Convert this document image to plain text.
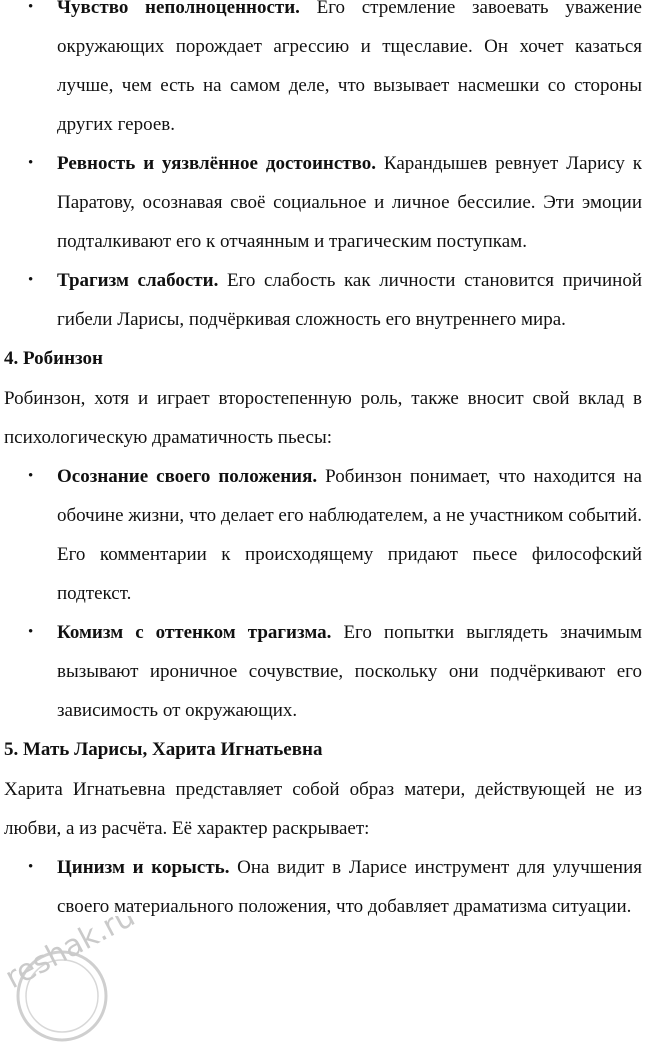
• Чувство неполноценности. Его стремление завоевать уважение окружающих порождает агрессию и тщеславие. Он хочет казаться лучше, чем есть на самом деле, что вызывает насмешки со стороны других героев.
• Ревность и уязвлённое достоинство. Карандышев ревнует Ларису к Паратову, осознавая своё социальное и личное бессилие. Эти эмоции подталкивают его к отчаянным и трагическим поступкам.
• Трагизм слабости. Его слабость как личности становится причиной гибели Ларисы, подчёркивая сложность его внутреннего мира.
4. Робинзон

Робинзон, хотя и играет второстепенную роль, также вносит свой вклад в психологическую драматичность пьесы:

• Осознание своего положения. Робинзон понимает, что находится на обочине жизни, что делает его наблюдателем, а не участником событий. Его комментарии к происходящему придают пьесе философский подтекст.
• Комизм с оттенком трагизма. Его попытки выглядеть значимым вызывают ироничное сочувствие, поскольку они подчёркивают его зависимость от окружающих.
5. Мать Ларисы, Харита Игнатьевна

Харита Игнатьевна представляет собой образ матери, действующей не из любви, а из расчёта. Её характер раскрывает:

• Цинизм и корысть. Она видит в Ларисе инструмент для улучшения своего материального положения, что добавляет драматизма ситуации.
reshak.ru
